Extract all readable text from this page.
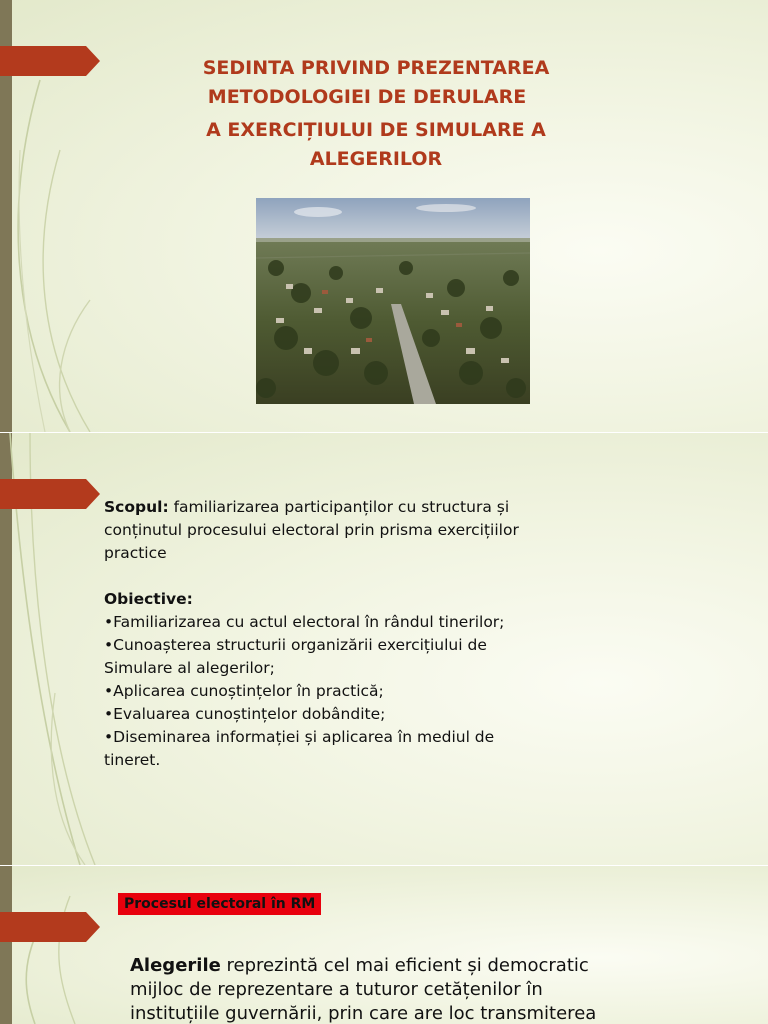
SEDINTA PRIVIND PREZENTAREA
METODOLOGIEI DE DERULARE
A EXERCIȚIULUI DE SIMULARE A
ALEGERILOR

Scopul: familiarizarea participanților cu structura și

conținutul procesului electoral prin prisma exercițiilor

practice

Obiective:

•Familiarizarea cu actul electoral în rândul tinerilor;

•Cunoașterea structurii organizării exercițiului de

Simulare al alegerilor;

•Aplicarea cunoștințelor în practică;

•Evaluarea cunoștințelor dobândite;

•Diseminarea informației și aplicarea în mediul de

tineret.

Procesul electoral în RM

Alegerile reprezintă cel mai eficient și democratic

mijloc de reprezentare a tuturor cetățenilor în

instituțiile guvernării, prin care are loc transmiterea
